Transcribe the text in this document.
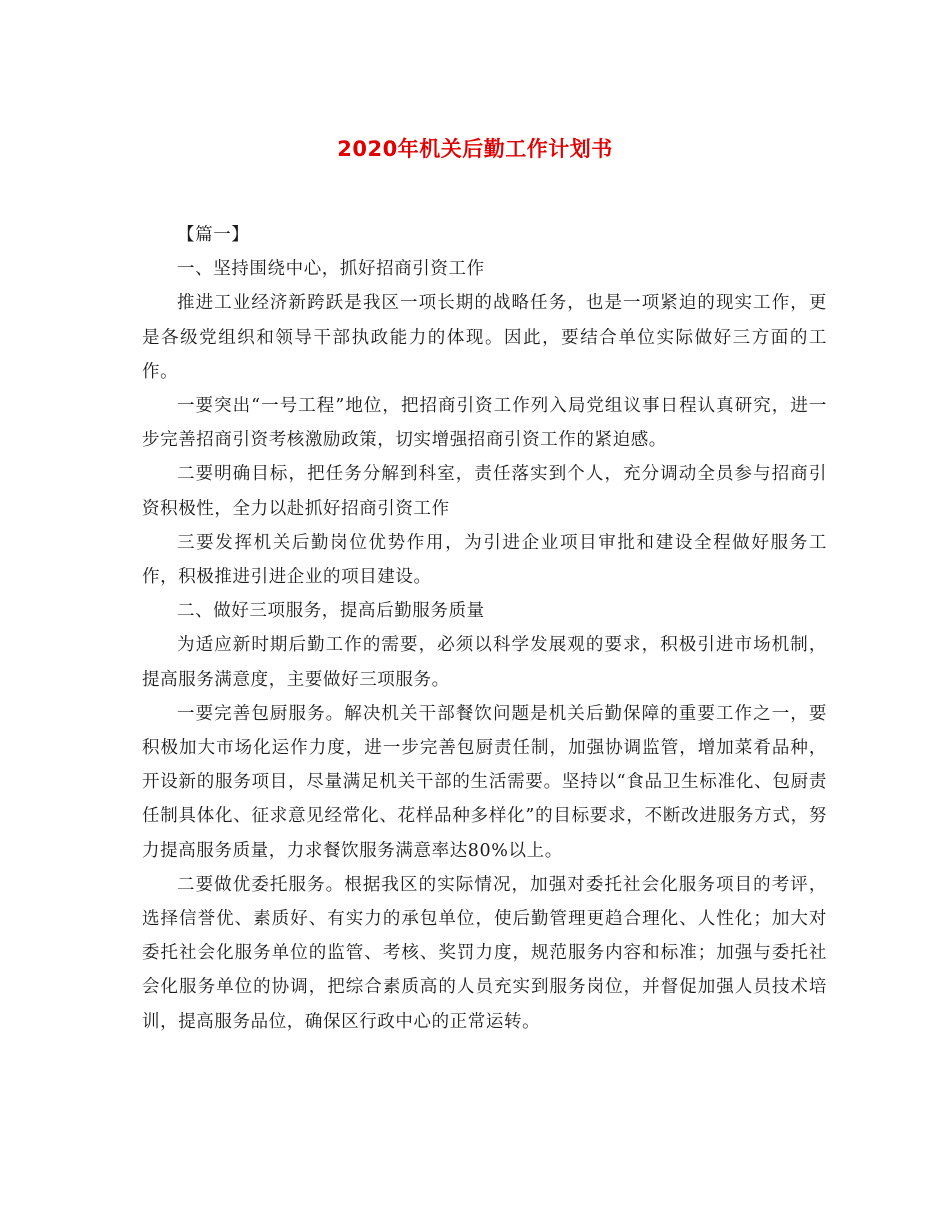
2020年机关后勤工作计划书

【篇一】

一、坚持围绕中心，抓好招商引资工作

推进工业经济新跨跃是我区一项长期的战略任务，也是一项紧迫的现实工作，更是各级党组织和领导干部执政能力的体现。因此，要结合单位实际做好三方面的工作。

一要突出“一号工程”地位，把招商引资工作列入局党组议事日程认真研究，进一步完善招商引资考核激励政策，切实增强招商引资工作的紧迫感。

二要明确目标，把任务分解到科室，责任落实到个人，充分调动全员参与招商引资积极性，全力以赴抓好招商引资工作

三要发挥机关后勤岗位优势作用，为引进企业项目审批和建设全程做好服务工作，积极推进引进企业的项目建设。

二、做好三项服务，提高后勤服务质量

为适应新时期后勤工作的需要，必须以科学发展观的要求，积极引进市场机制，提高服务满意度，主要做好三项服务。

一要完善包厨服务。解决机关干部餐饮问题是机关后勤保障的重要工作之一，要积极加大市场化运作力度，进一步完善包厨责任制，加强协调监管，增加菜肴品种，开设新的服务项目，尽量满足机关干部的生活需要。坚持以“食品卫生标准化、包厨责任制具体化、征求意见经常化、花样品种多样化”的目标要求，不断改进服务方式，努力提高服务质量，力求餐饮服务满意率达80%以上。

二要做优委托服务。根据我区的实际情况，加强对委托社会化服务项目的考评，选择信誉优、素质好、有实力的承包单位，使后勤管理更趋合理化、人性化；加大对委托社会化服务单位的监管、考核、奖罚力度，规范服务内容和标准；加强与委托社会化服务单位的协调，把综合素质高的人员充实到服务岗位，并督促加强人员技术培训，提高服务品位，确保区行政中心的正常运转。
